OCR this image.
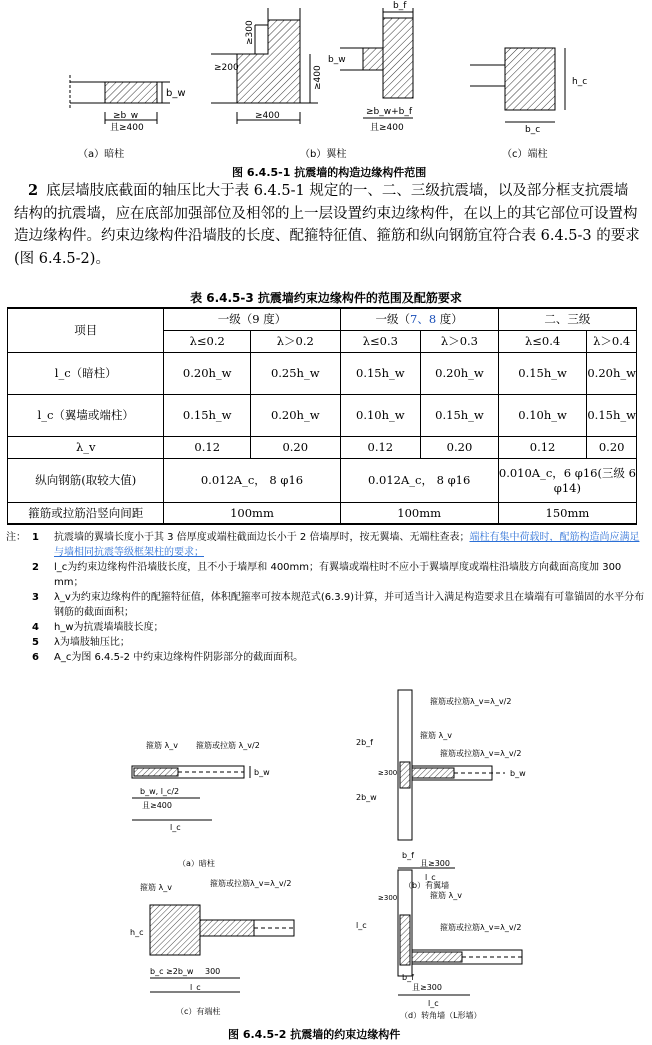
b_w
≥b_w
且≥400
≥300
≥200	≥400
≥400
b_f
b_w
≥b_w+b_f
且≥400
h_c
b_c
（a）暗柱	（b）翼柱	（c）端柱
图 6.4.5-1 抗震墙的构造边缘构件范围
2 底层墙肢底截面的轴压比大于表 6.4.5-1 规定的一、二、三级抗震墙，以及部分框支抗震墙结构的抗震墙，应在底部加强部位及相邻的上一层设置约束边缘构件，在以上的其它部位可设置构造边缘构件。约束边缘构件沿墙肢的长度、配箍特征值、箍筋和纵向钢筋宜符合表 6.4.5-3 的要求(图 6.4.5-2)。
表 6.4.5-3 抗震墙约束边缘构件的范围及配筋要求
项目	一级（9 度）		一级（7、8 度）		二、三级	
	λ≤0.2	λ＞0.2	λ≤0.3	λ＞0.3	λ≤0.4	λ＞0.4
l_c（暗柱）	0.20h_w	0.25h_w	0.15h_w	0.20h_w	0.15h_w	0.20h_w
l_c（翼墙或端柱）	0.15h_w	0.20h_w	0.10h_w	0.15h_w	0.10h_w	0.15h_w
λ_v	0.12	0.20	0.12	0.20	0.12	0.20
纵向钢筋(取较大值)	0.012A_c， 8 φ16		0.012A_c， 8 φ16		0.010A_c，6 φ16(三级 6 φ14)	
箍筋或拉筋沿竖向间距	100mm		100mm		150mm	
注： 1	抗震墙的翼墙长度小于其 3 倍厚度或端柱截面边长小于 2 倍墙厚时，按无翼墙、无端柱查表；端柱有集中荷载时，配筋构造尚应满足与墙相同抗震等级框架柱的要求；
2	l_c为约束边缘构件沿墙肢长度，且不小于墙厚和 400mm；有翼墙或端柱时不应小于翼墙厚度或端柱沿墙肢方向截面高度加 300 mm；
3	λ_v为约束边缘构件的配箍特征值，体积配箍率可按本规范式(6.3.9)计算，并可适当计入满足构造要求且在墙端有可靠锚固的水平分布钢筋的截面面积；
4	h_w为抗震墙墙肢长度；
5	λ为墙肢轴压比；
6	A_c为图 6.4.5-2 中约束边缘构件阴影部分的截面面积。
箍筋 λ_v 箍筋或拉筋 λ_v/2
b_w
b_w, l_c/2
且≥400
l_c
箍筋 λ_v
箍筋或拉筋λ_v=λ_v/2
箍筋或拉筋λ_v=λ_v/2
2b_f
2b_w
≥300
b_f
且≥300
l_c
b_w
箍筋 λ_v	箍筋或拉筋λ_v=λ_v/2
h_c
b_c ≥2b_w 300
l_c
箍筋 λ_v
箍筋或拉筋λ_v=λ_v/2
l_c
≥300
b_f
且≥300
l_c
（a）暗柱
（b）有翼墙
（c）有端柱	（d）转角墙（L形墙）
图 6.4.5-2 抗震墙的约束边缘构件
